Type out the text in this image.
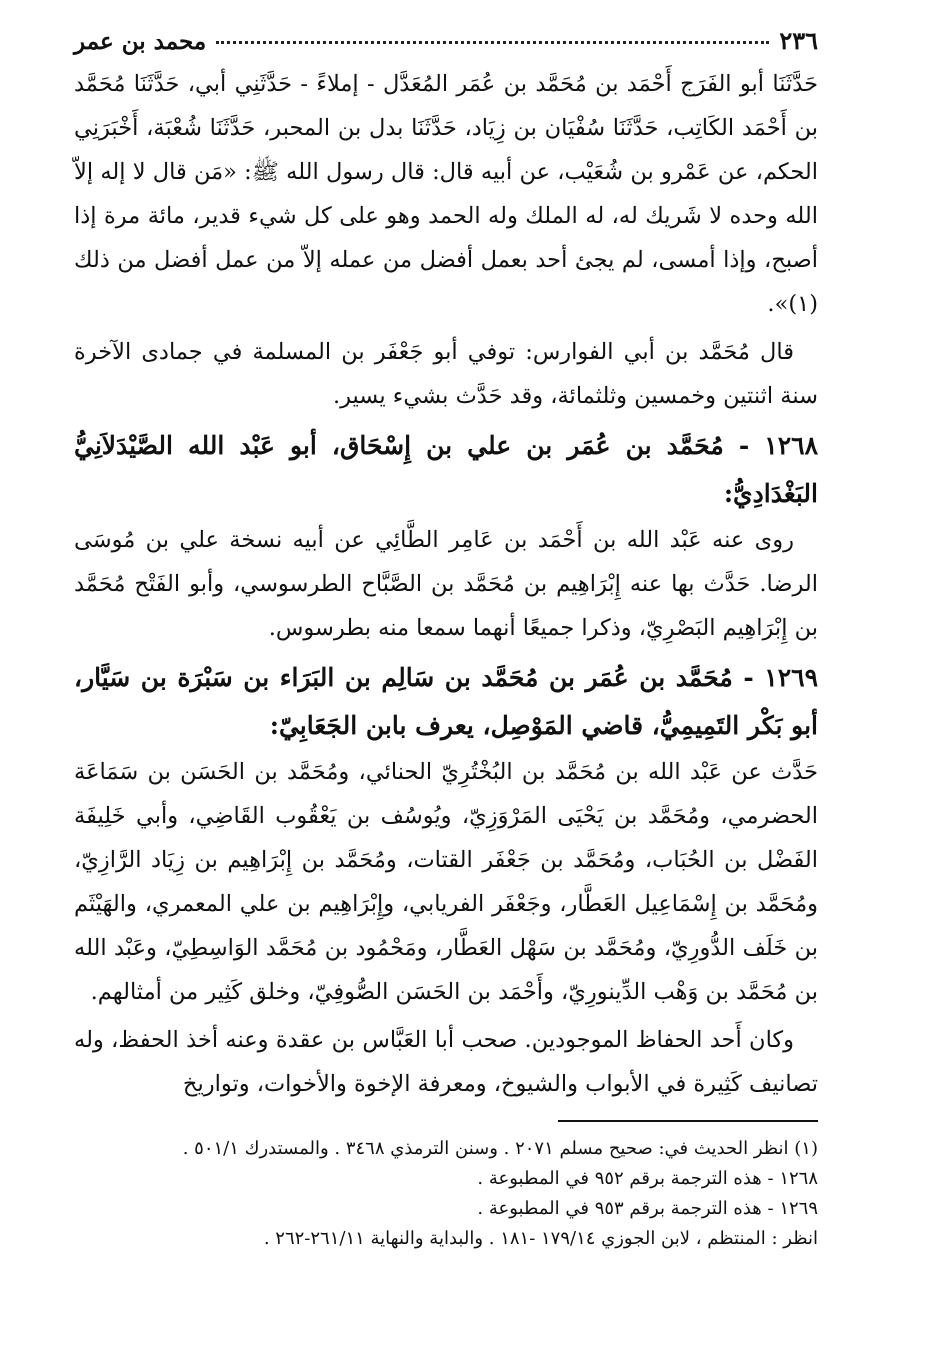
٢٣٦
محمد بن عمر

حَدَّثَنَا أبو الفَرَج أَحْمَد بن مُحَمَّد بن عُمَر المُعَدَّل - إملاءً - حَدَّثَنِي أبي، حَدَّثَنَا مُحَمَّد بن أَحْمَد الكَاتِب، حَدَّثَنَا سُفْيَان بن زِيَاد، حَدَّثَنَا بدل بن المحبر، حَدَّثَنَا شُعْبَة، أَخْبَرَنِي الحكم، عن عَمْرو بن شُعَيْب، عن أبيه قال: قال رسول الله ﷺ: «مَن قال لا إله إلاّ الله وحده لا شَريك له، له الملك وله الحمد وهو على كل شيء قدير، مائة مرة إذا أصبح، وإذا أمسى، لم يجئ أحد بعمل أفضل من عمله إلاّ من عمل أفضل من ذلك (١)».

قال مُحَمَّد بن أبي الفوارس: توفي أبو جَعْفَر بن المسلمة في جمادى الآخرة سنة اثنتين وخمسين وثلثمائة، وقد حَدَّث بشيء يسير.

١٢٦٨ - مُحَمَّد بن عُمَر بن علي بن إِسْحَاق، أبو عَبْد الله الصَّيْدَلاَنِيُّ البَغْدَادِيُّ:

روى عنه عَبْد الله بن أَحْمَد بن عَامِر الطَّائِي عن أبيه نسخة علي بن مُوسَى الرضا. حَدَّث بها عنه إِبْرَاهِيم بن مُحَمَّد بن الصَّبَّاح الطرسوسي، وأبو الفَتْح مُحَمَّد بن إِبْرَاهِيم البَصْرِيّ، وذكرا جميعًا أنهما سمعا منه بطرسوس.

١٢٦٩ - مُحَمَّد بن عُمَر بن مُحَمَّد بن سَالِم بن البَرَاء بن سَبْرَة بن سَيَّار، أبو بَكْر التَمِيمِيُّ، قاضي المَوْصِل، يعرف بابن الجَعَابِيّ:

حَدَّث عن عَبْد الله بن مُحَمَّد بن البُخْتُرِيّ الحنائي، ومُحَمَّد بن الحَسَن بن سَمَاعَة الحضرمي، ومُحَمَّد بن يَحْيَى المَرْوَزِيّ، ويُوسُف بن يَعْقُوب القَاضِي، وأبي خَلِيفَة الفَضْل بن الحُبَاب، ومُحَمَّد بن جَعْفَر القتات، ومُحَمَّد بن إِبْرَاهِيم بن زِيَاد الرَّازِيّ، ومُحَمَّد بن إِسْمَاعِيل العَطَّار، وجَعْفَر الفريابي، وإِبْرَاهِيم بن علي المعمري، والهَيْثَم بن خَلَف الدُّورِيّ، ومُحَمَّد بن سَهْل العَطَّار، ومَحْمُود بن مُحَمَّد الوَاسِطِيّ، وعَبْد الله بن مُحَمَّد بن وَهْب الدِّينورِيّ، وأَحْمَد بن الحَسَن الصُّوفِيّ، وخلق كَثِير من أمثالهم.

وكان أَحد الحفاظ الموجودين. صحب أبا العَبَّاس بن عقدة وعنه أخذ الحفظ، وله تصانيف كَثِيرة في الأبواب والشيوخ، ومعرفة الإخوة والأخوات، وتواريخ

(١) انظر الحديث في: صحيح مسلم ٢٠٧١ . وسنن الترمذي ٣٤٦٨ . والمستدرك ٥٠١/١ .

١٢٦٨ - هذه الترجمة برقم ٩٥٢ في المطبوعة .

١٢٦٩ - هذه الترجمة برقم ٩٥٣ في المطبوعة .

انظر : المنتظم ، لابن الجوزي ١٧٩/١٤ -١٨١ . والبداية والنهاية ٢٦١/١١-٢٦٢ .
